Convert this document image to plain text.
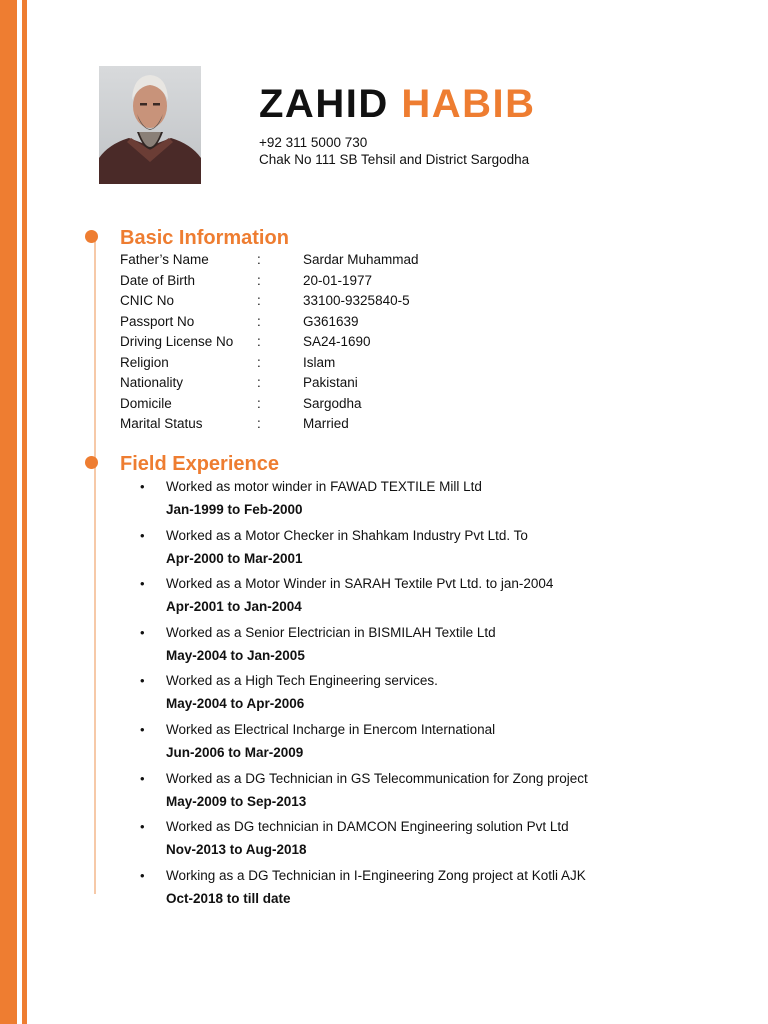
ZAHID HABIB
+92 311 5000 730
Chak No 111 SB Tehsil and District Sargodha
Basic Information
Father’s Name	:	Sardar Muhammad
Date of Birth	:	20-01-1977
CNIC No	:	33100-9325840-5
Passport No	:	G361639
Driving License No :	SA24-1690
Religion	:	Islam
Nationality	:	Pakistani
Domicile	:	Sargodha
Marital Status	:	Married
Field Experience
• Worked as motor winder in FAWAD TEXTILE Mill Ltd
Jan-1999 to Feb-2000
• Worked as a Motor Checker in Shahkam Industry Pvt Ltd. To
Apr-2000 to Mar-2001
• Worked as a Motor Winder in SARAH Textile Pvt Ltd. to jan-2004
Apr-2001 to Jan-2004
• Worked as a Senior Electrician in BISMILAH Textile Ltd
May-2004 to Jan-2005
• Worked as a High Tech Engineering services.
May-2004 to Apr-2006
• Worked as Electrical Incharge in Enercom International
Jun-2006 to Mar-2009
• Worked as a DG Technician in GS Telecommunication for Zong project
May-2009 to Sep-2013
• Worked as DG technician in DAMCON Engineering solution Pvt Ltd
Nov-2013 to Aug-2018
• Working as a DG Technician in I-Engineering Zong project at Kotli AJK
Oct-2018 to till date
